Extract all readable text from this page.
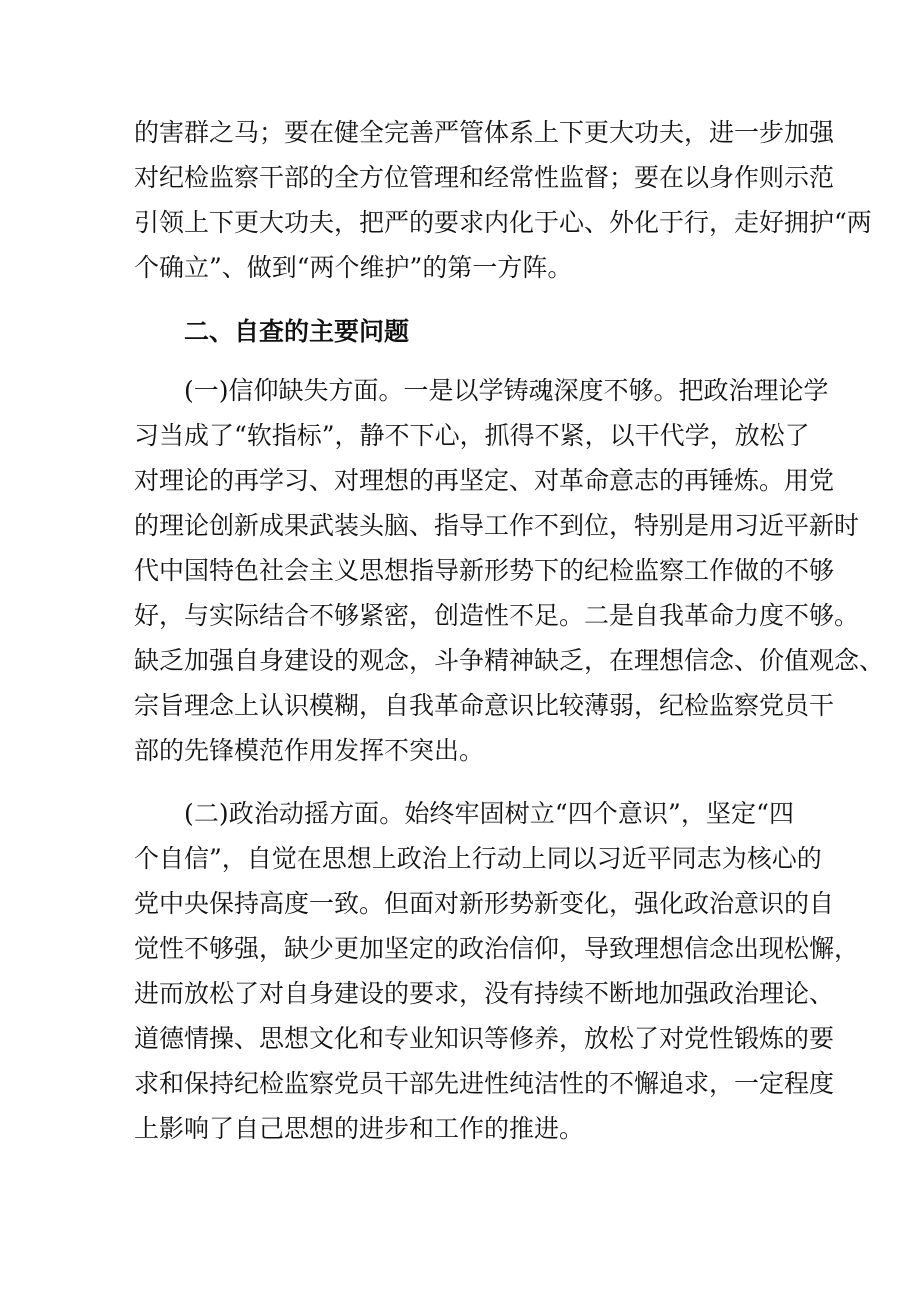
的害群之马；要在健全完善严管体系上下更大功夫，进一步加强
对纪检监察干部的全方位管理和经常性监督；要在以身作则示范
引领上下更大功夫，把严的要求内化于心、外化于行，走好拥护“两
个确立”、做到“两个维护”的第一方阵。
二、自查的主要问题
(一)信仰缺失方面。一是以学铸魂深度不够。把政治理论学
习当成了“软指标”，静不下心，抓得不紧，以干代学，放松了
对理论的再学习、对理想的再坚定、对革命意志的再锤炼。用党
的理论创新成果武装头脑、指导工作不到位，特别是用习近平新时
代中国特色社会主义思想指导新形势下的纪检监察工作做的不够
好，与实际结合不够紧密，创造性不足。二是自我革命力度不够。
缺乏加强自身建设的观念，斗争精神缺乏，在理想信念、价值观念、
宗旨理念上认识模糊，自我革命意识比较薄弱，纪检监察党员干
部的先锋模范作用发挥不突出。
(二)政治动摇方面。始终牢固树立“四个意识”，坚定“四
个自信”，自觉在思想上政治上行动上同以习近平同志为核心的
党中央保持高度一致。但面对新形势新变化，强化政治意识的自
觉性不够强，缺少更加坚定的政治信仰，导致理想信念出现松懈，
进而放松了对自身建设的要求，没有持续不断地加强政治理论、
道德情操、思想文化和专业知识等修养，放松了对党性锻炼的要
求和保持纪检监察党员干部先进性纯洁性的不懈追求，一定程度
上影响了自己思想的进步和工作的推进。
